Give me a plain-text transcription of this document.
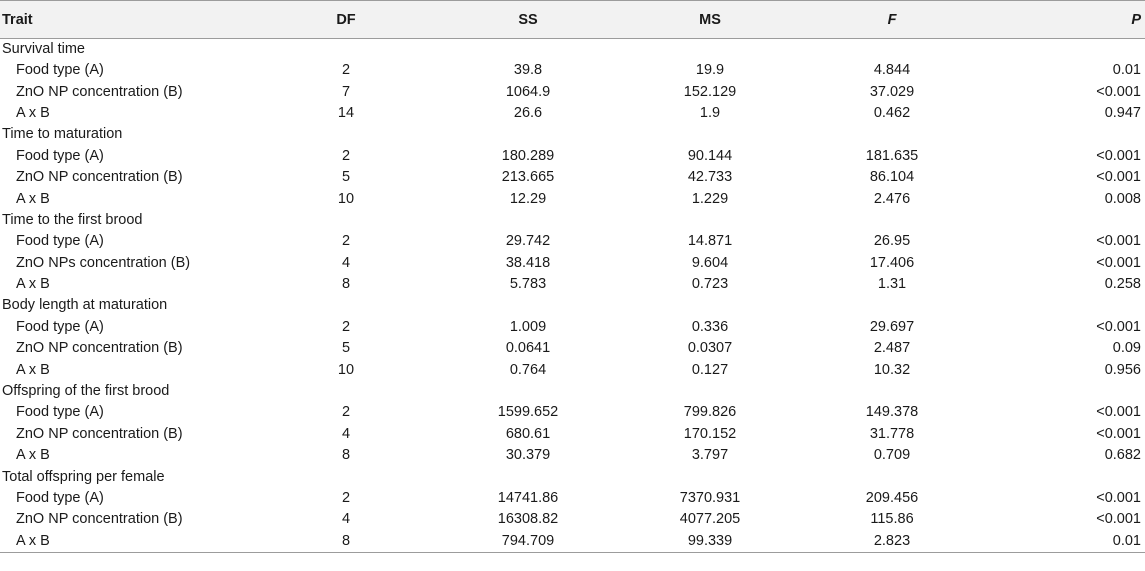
Trait	DF	SS	MS	F	P
Survival time					
Food type (A)	2	39.8	19.9	4.844	0.01
ZnO NP concentration (B)	7	1064.9	152.129	37.029	<0.001
A x B	14	26.6	1.9	0.462	0.947
Time to maturation					
Food type (A)	2	180.289	90.144	181.635	<0.001
ZnO NP concentration (B)	5	213.665	42.733	86.104	<0.001
A x B	10	12.29	1.229	2.476	0.008
Time to the first brood					
Food type (A)	2	29.742	14.871	26.95	<0.001
ZnO NPs concentration (B)	4	38.418	9.604	17.406	<0.001
A x B	8	5.783	0.723	1.31	0.258
Body length at maturation					
Food type (A)	2	1.009	0.336	29.697	<0.001
ZnO NP concentration (B)	5	0.0641	0.0307	2.487	0.09
A x B	10	0.764	0.127	10.32	0.956
Offspring of the first brood					
Food type (A)	2	1599.652	799.826	149.378	<0.001
ZnO NP concentration (B)	4	680.61	170.152	31.778	<0.001
A x B	8	30.379	3.797	0.709	0.682
Total offspring per female					
Food type (A)	2	14741.86	7370.931	209.456	<0.001
ZnO NP concentration (B)	4	16308.82	4077.205	115.86	<0.001
A x B	8	794.709	99.339	2.823	0.01
